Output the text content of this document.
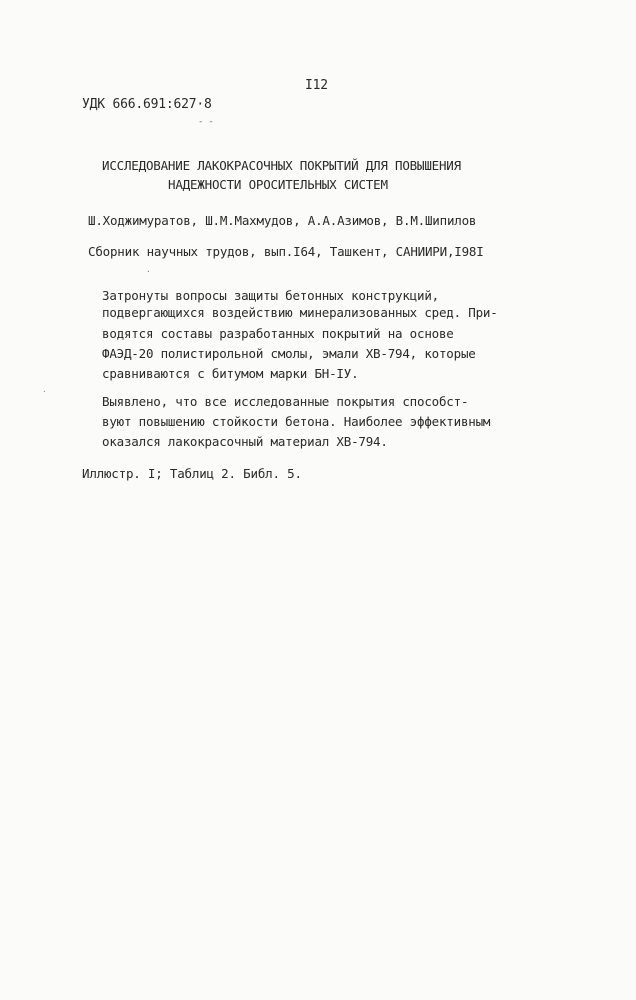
I12
УДК 666.691:627·8
- -
ИССЛЕДОВАНИЕ ЛАКОКРАСОЧНЫХ ПОКРЫТИЙ ДЛЯ ПОВЫШЕНИЯ
НАДЕЖНОСТИ ОРОСИТЕЛЬНЫХ СИСТЕМ
Ш.Ходжимуратов, Ш.М.Махмудов, А.А.Азимов, В.М.Шипилов
Сборник научных трудов, вып.I64, Ташкент, САНИИРИ,I98I
.
Затронуты вопросы защиты бетонных конструкций,
подвергающихся воздействию минерализованных сред. При-
водятся составы разработанных покрытий на основе
ФАЭД-20 полистирольной смолы, эмали ХВ-794, которые
сравниваются с битумом марки БН-IУ.
.
Выявлено, что все исследованные покрытия способст-
вуют повышению стойкости бетона. Наиболее эффективным
оказался лакокрасочный материал ХВ-794.
Иллюстр. I; Таблиц 2. Библ. 5.
